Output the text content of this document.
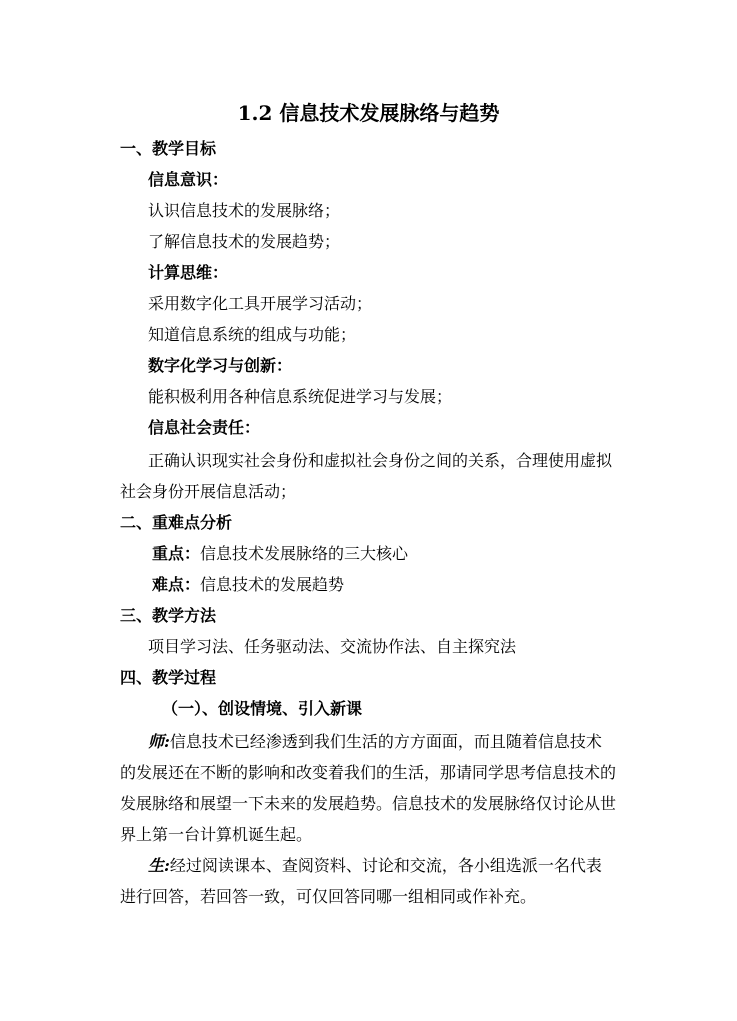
1.2 信息技术发展脉络与趋势
一、教学目标
信息意识：
认识信息技术的发展脉络；
了解信息技术的发展趋势；
计算思维：
采用数字化工具开展学习活动；
知道信息系统的组成与功能；
数字化学习与创新：
能积极利用各种信息系统促进学习与发展；
信息社会责任：
正确认识现实社会身份和虚拟社会身份之间的关系，合理使用虚拟
社会身份开展信息活动；
二、重难点分析
重点：信息技术发展脉络的三大核心
难点：信息技术的发展趋势
三、教学方法
项目学习法、任务驱动法、交流协作法、自主探究法
四、教学过程
（一）、创设情境、引入新课
师:信息技术已经渗透到我们生活的方方面面，而且随着信息技术
的发展还在不断的影响和改变着我们的生活，那请同学思考信息技术的
发展脉络和展望一下未来的发展趋势。信息技术的发展脉络仅讨论从世
界上第一台计算机诞生起。
生:经过阅读课本、查阅资料、讨论和交流，各小组选派一名代表
进行回答，若回答一致，可仅回答同哪一组相同或作补充。
